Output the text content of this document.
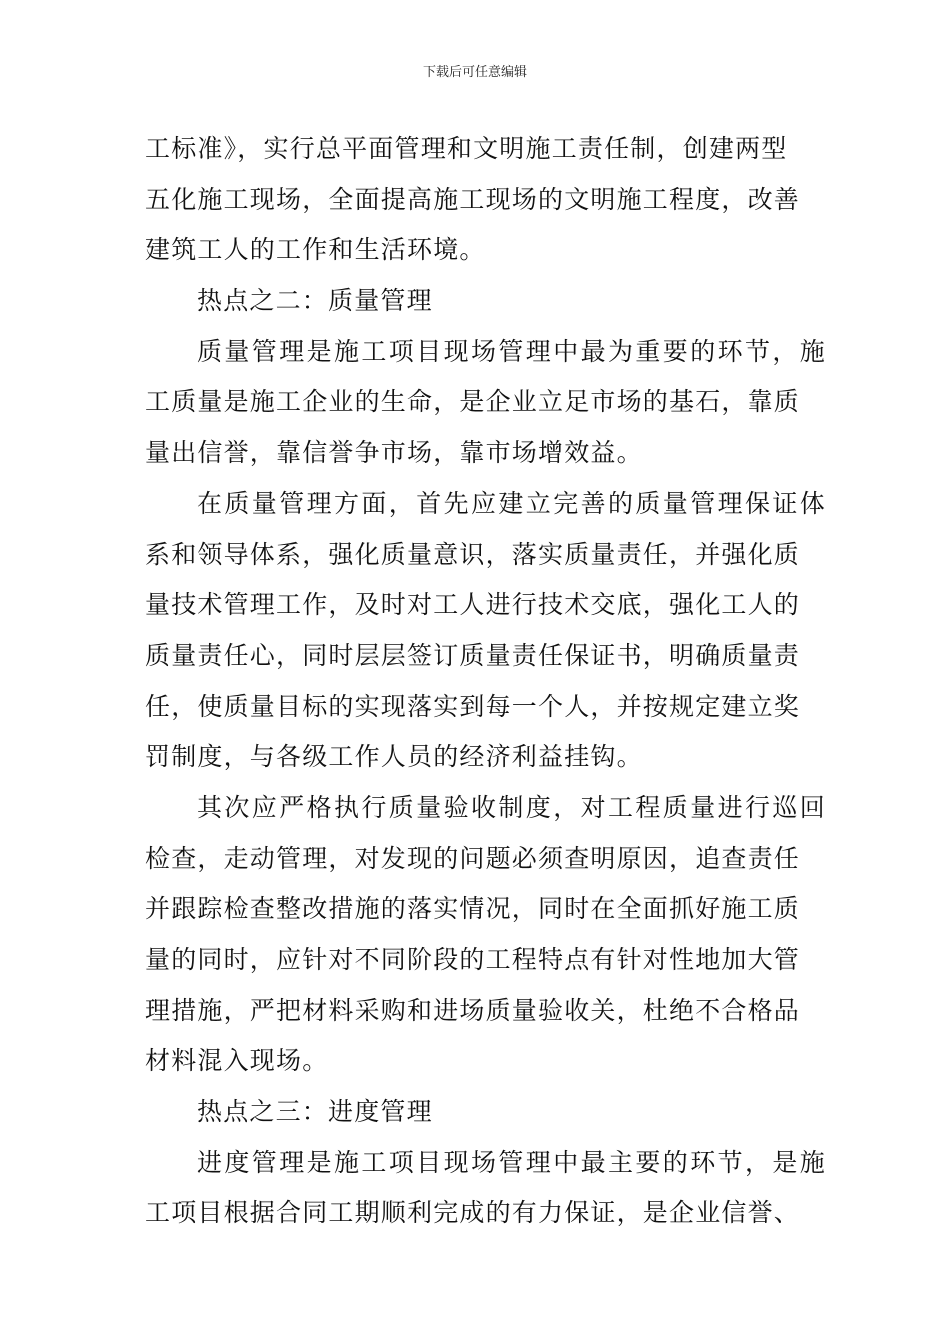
下载后可任意编辑
工标准》，实行总平面管理和文明施工责任制，创建两型
五化施工现场，全面提高施工现场的文明施工程度，改善
建筑工人的工作和生活环境。
热点之二：质量管理
质量管理是施工项目现场管理中最为重要的环节，施
工质量是施工企业的生命，是企业立足市场的基石，靠质
量出信誉，靠信誉争市场，靠市场增效益。
在质量管理方面，首先应建立完善的质量管理保证体
系和领导体系，强化质量意识，落实质量责任，并强化质
量技术管理工作，及时对工人进行技术交底，强化工人的
质量责任心，同时层层签订质量责任保证书，明确质量责
任，使质量目标的实现落实到每一个人，并按规定建立奖
罚制度，与各级工作人员的经济利益挂钩。
其次应严格执行质量验收制度，对工程质量进行巡回
检查，走动管理，对发现的问题必须查明原因，追查责任
并跟踪检查整改措施的落实情况，同时在全面抓好施工质
量的同时，应针对不同阶段的工程特点有针对性地加大管
理措施，严把材料采购和进场质量验收关，杜绝不合格品
材料混入现场。
热点之三：进度管理
进度管理是施工项目现场管理中最主要的环节，是施
工项目根据合同工期顺利完成的有力保证，是企业信誉、
